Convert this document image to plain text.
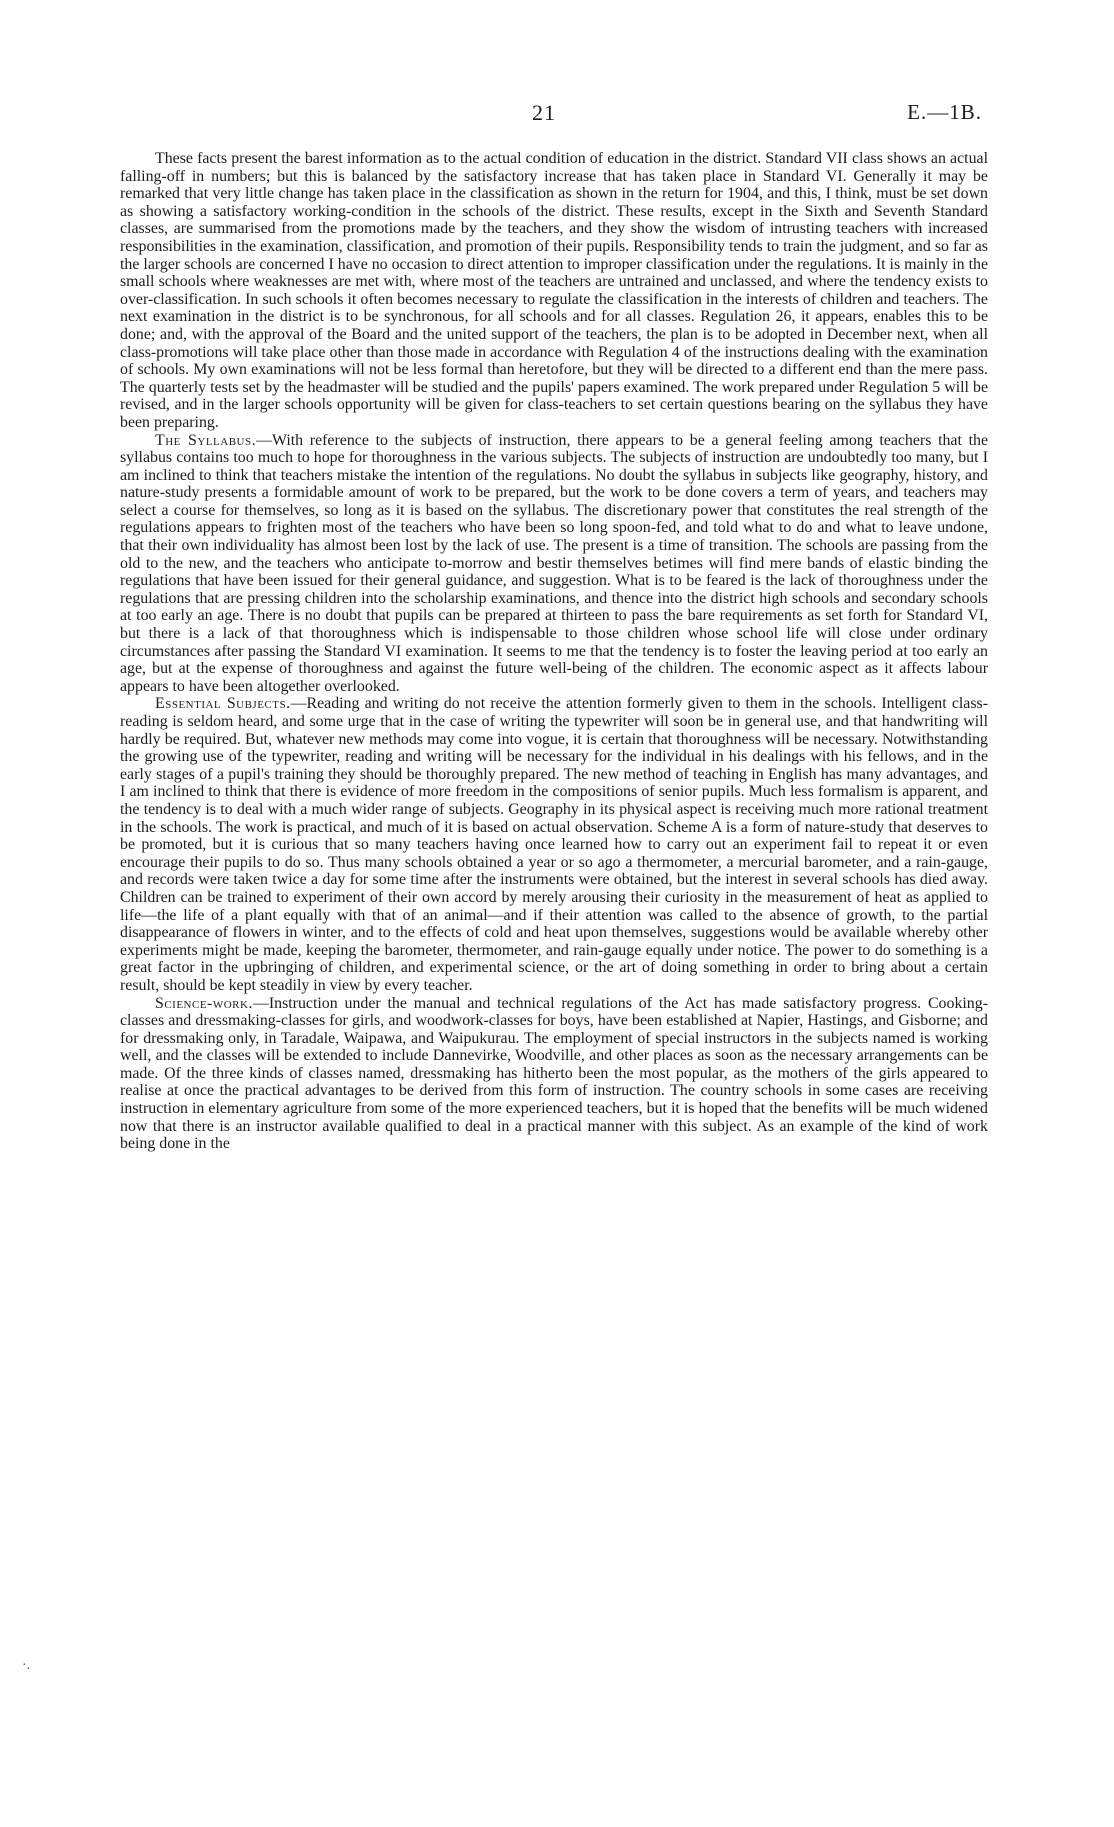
21	E.—1B.

These facts present the barest information as to the actual condition of education in the district. Standard VII class shows an actual falling-off in numbers; but this is balanced by the satisfactory increase that has taken place in Standard VI. Generally it may be remarked that very little change has taken place in the classification as shown in the return for 1904, and this, I think, must be set down as showing a satisfactory working-condition in the schools of the district. These results, except in the Sixth and Seventh Standard classes, are summarised from the promotions made by the teachers, and they show the wisdom of intrusting teachers with increased responsibilities in the examination, classification, and promotion of their pupils. Responsibility tends to train the judgment, and so far as the larger schools are concerned I have no occasion to direct attention to improper classification under the regulations. It is mainly in the small schools where weaknesses are met with, where most of the teachers are untrained and unclassed, and where the tendency exists to over-classification. In such schools it often becomes necessary to regulate the classification in the interests of children and teachers. The next examination in the district is to be synchronous, for all schools and for all classes. Regulation 26, it appears, enables this to be done; and, with the approval of the Board and the united support of the teachers, the plan is to be adopted in December next, when all class-promotions will take place other than those made in accordance with Regulation 4 of the instructions dealing with the examination of schools. My own examinations will not be less formal than heretofore, but they will be directed to a different end than the mere pass. The quarterly tests set by the headmaster will be studied and the pupils' papers examined. The work prepared under Regulation 5 will be revised, and in the larger schools opportunity will be given for class-teachers to set certain questions bearing on the syllabus they have been preparing.

The Syllabus.—With reference to the subjects of instruction, there appears to be a general feeling among teachers that the syllabus contains too much to hope for thoroughness in the various subjects. The subjects of instruction are undoubtedly too many, but I am inclined to think that teachers mistake the intention of the regulations. No doubt the syllabus in subjects like geography, history, and nature-study presents a formidable amount of work to be prepared, but the work to be done covers a term of years, and teachers may select a course for themselves, so long as it is based on the syllabus. The discretionary power that constitutes the real strength of the regulations appears to frighten most of the teachers who have been so long spoon-fed, and told what to do and what to leave undone, that their own individuality has almost been lost by the lack of use. The present is a time of transition. The schools are passing from the old to the new, and the teachers who anticipate to-morrow and bestir themselves betimes will find mere bands of elastic binding the regulations that have been issued for their general guidance, and suggestion. What is to be feared is the lack of thoroughness under the regulations that are pressing children into the scholarship examinations, and thence into the district high schools and secondary schools at too early an age. There is no doubt that pupils can be prepared at thirteen to pass the bare requirements as set forth for Standard VI, but there is a lack of that thoroughness which is indispensable to those children whose school life will close under ordinary circumstances after passing the Standard VI examination. It seems to me that the tendency is to foster the leaving period at too early an age, but at the expense of thoroughness and against the future well-being of the children. The economic aspect as it affects labour appears to have been altogether overlooked.

Essential Subjects.—Reading and writing do not receive the attention formerly given to them in the schools. Intelligent class-reading is seldom heard, and some urge that in the case of writing the typewriter will soon be in general use, and that handwriting will hardly be required. But, whatever new methods may come into vogue, it is certain that thoroughness will be necessary. Notwithstanding the growing use of the typewriter, reading and writing will be necessary for the individual in his dealings with his fellows, and in the early stages of a pupil's training they should be thoroughly prepared. The new method of teaching in English has many advantages, and I am inclined to think that there is evidence of more freedom in the compositions of senior pupils. Much less formalism is apparent, and the tendency is to deal with a much wider range of subjects. Geography in its physical aspect is receiving much more rational treatment in the schools. The work is practical, and much of it is based on actual observation. Scheme A is a form of nature-study that deserves to be promoted, but it is curious that so many teachers having once learned how to carry out an experiment fail to repeat it or even encourage their pupils to do so. Thus many schools obtained a year or so ago a thermometer, a mercurial barometer, and a rain-gauge, and records were taken twice a day for some time after the instruments were obtained, but the interest in several schools has died away. Children can be trained to experiment of their own accord by merely arousing their curiosity in the measurement of heat as applied to life—the life of a plant equally with that of an animal—and if their attention was called to the absence of growth, to the partial disappearance of flowers in winter, and to the effects of cold and heat upon themselves, suggestions would be available whereby other experiments might be made, keeping the barometer, thermometer, and rain-gauge equally under notice. The power to do something is a great factor in the upbringing of children, and experimental science, or the art of doing something in order to bring about a certain result, should be kept steadily in view by every teacher.

Science-work.—Instruction under the manual and technical regulations of the Act has made satisfactory progress. Cooking-classes and dressmaking-classes for girls, and woodwork-classes for boys, have been established at Napier, Hastings, and Gisborne; and for dressmaking only, in Taradale, Waipawa, and Waipukurau. The employment of special instructors in the subjects named is working well, and the classes will be extended to include Dannevirke, Woodville, and other places as soon as the necessary arrangements can be made. Of the three kinds of classes named, dressmaking has hitherto been the most popular, as the mothers of the girls appeared to realise at once the practical advantages to be derived from this form of instruction. The country schools in some cases are receiving instruction in elementary agriculture from some of the more experienced teachers, but it is hoped that the benefits will be much widened now that there is an instructor available qualified to deal in a practical manner with this subject. As an example of the kind of work being done in the

·.
